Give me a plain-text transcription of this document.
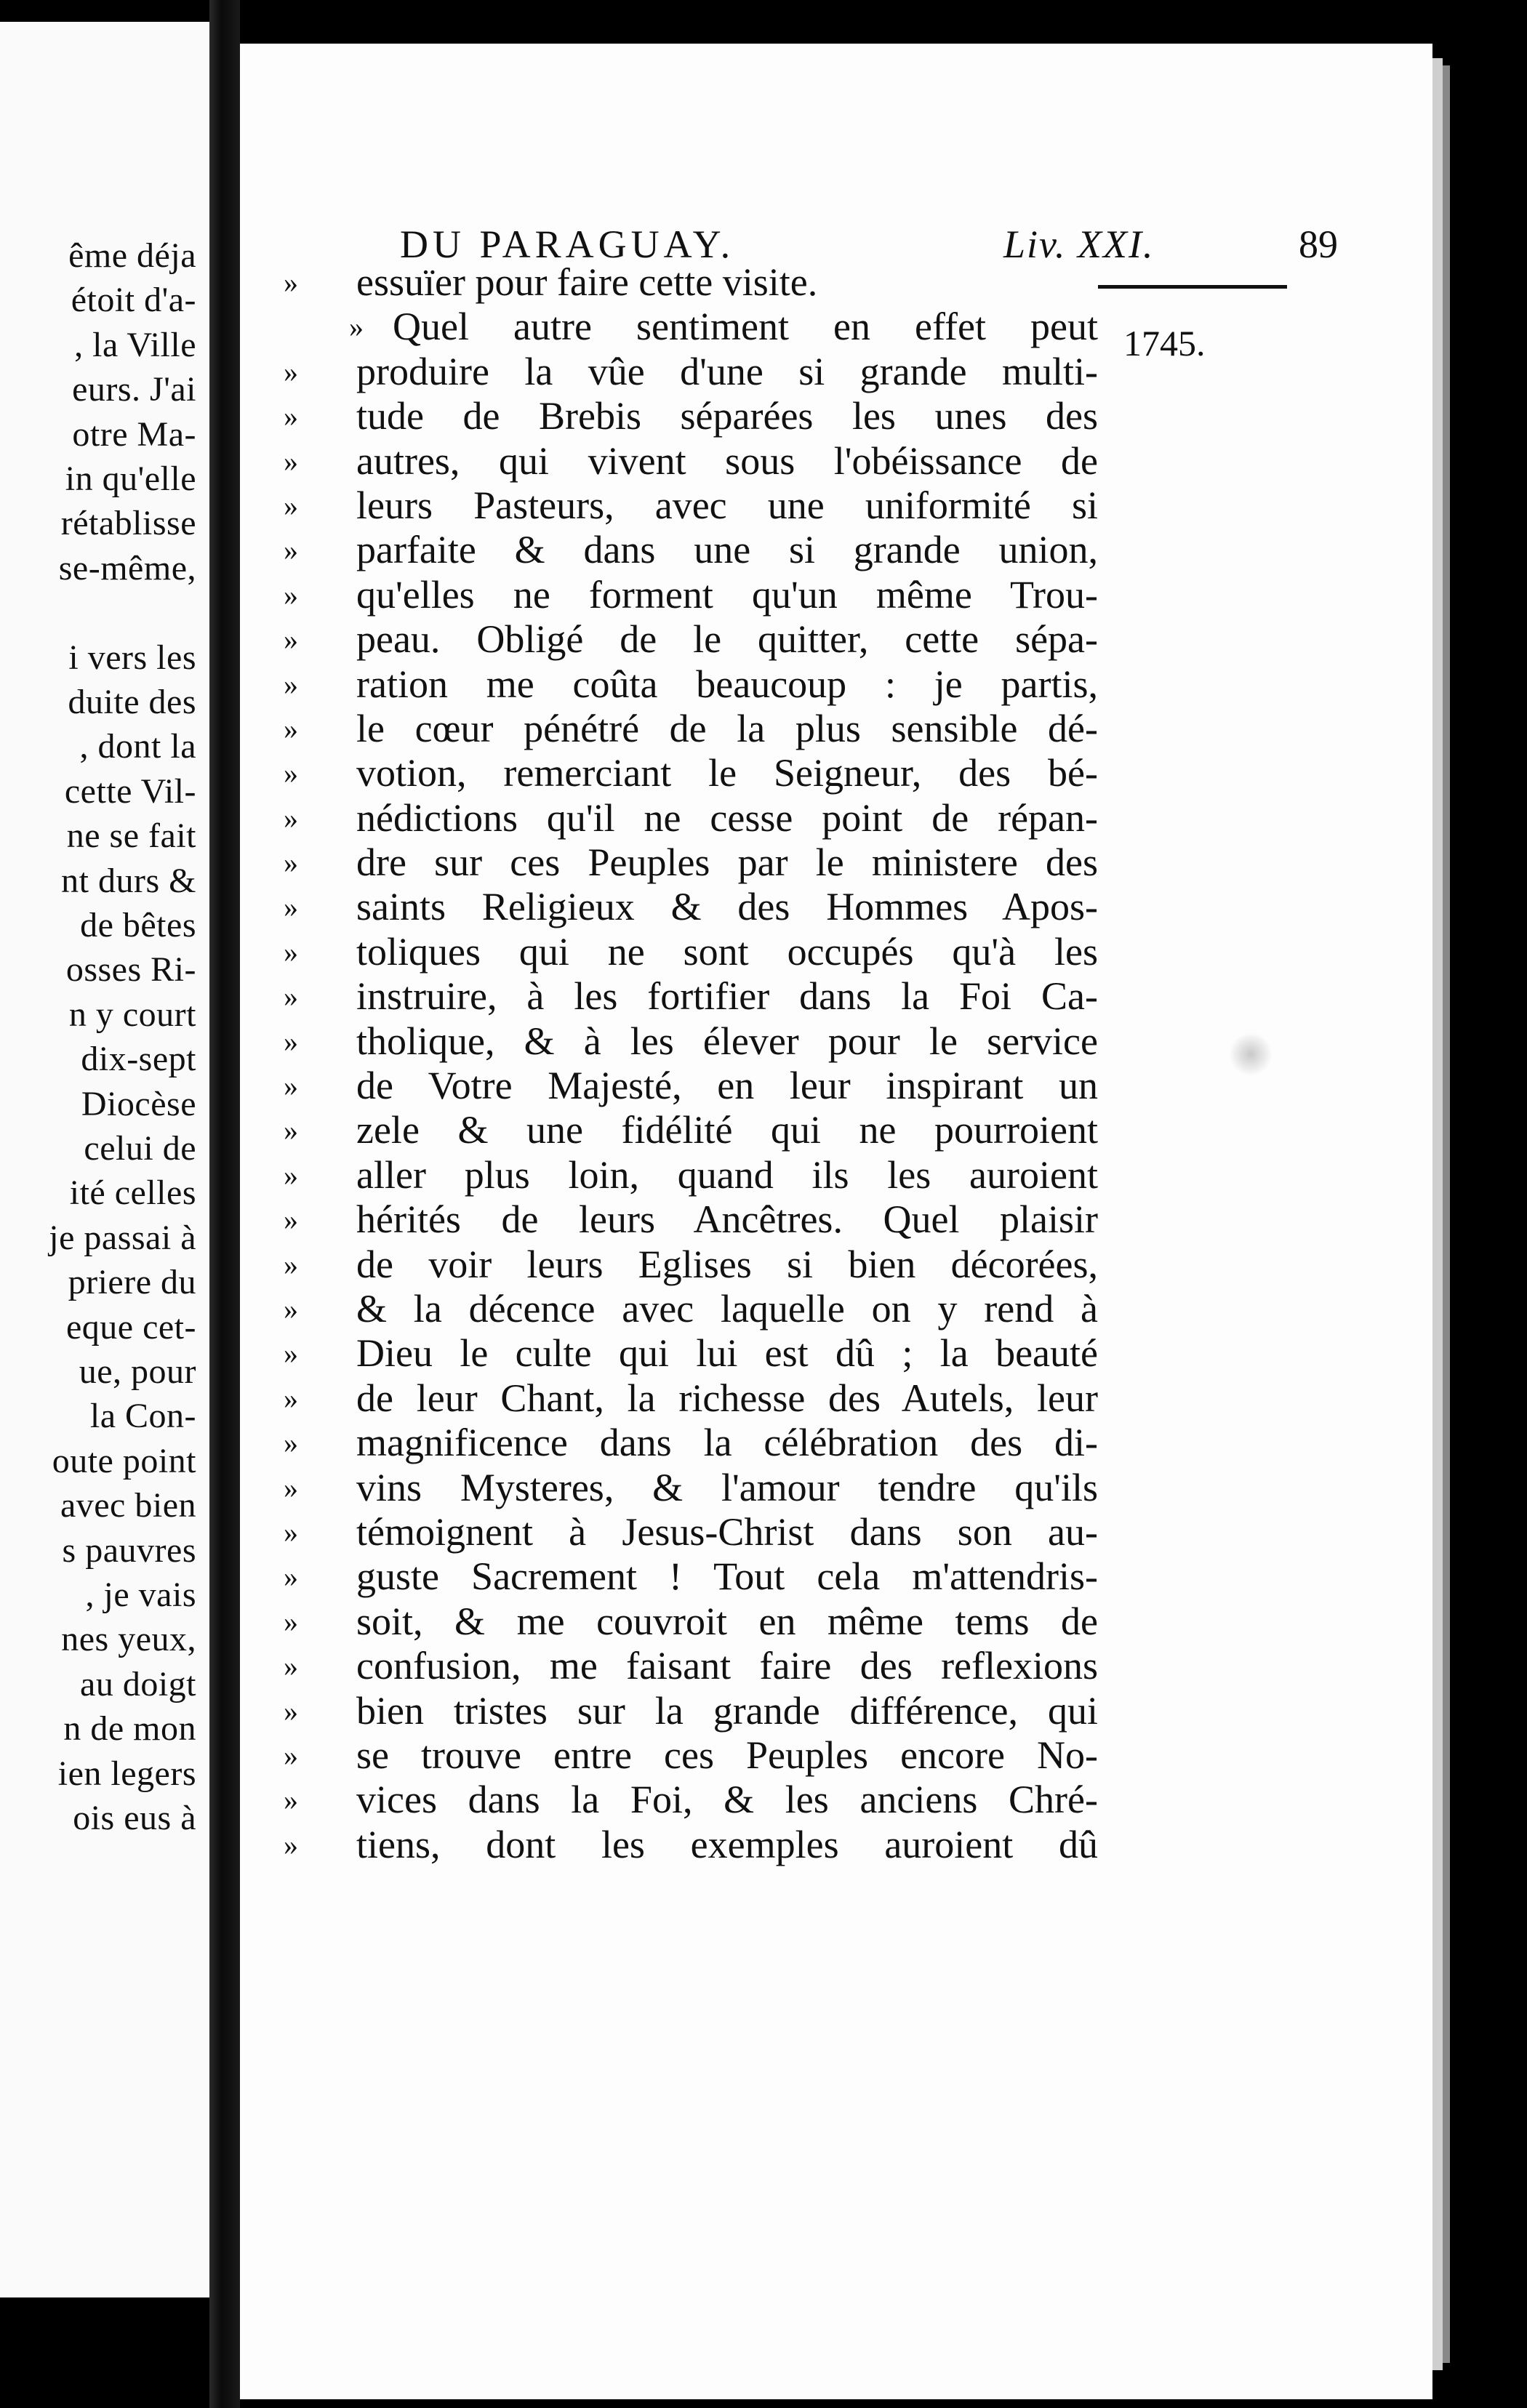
ême déja
étoit d'a-
, la Ville
eurs. J'ai
otre Ma-
in qu'elle
rétablisse
se-même,
i vers les
duite des
, dont la
cette Vil-
ne se fait
nt durs &
de bêtes
osses Ri-
n y court
dix-sept
Diocèse
celui de
ité celles
je passai à
priere du
eque cet-
ue, pour
la Con-
oute point
avec bien
s pauvres
, je vais
nes yeux,
au doigt
n de mon
ien legers
ois eus à
DU PARAGUAY.	Liv. XXI.	89
1745.
»	essuïer pour faire cette visite.
» Quel autre sentiment en effet peut
»	produire la vûe d'une si grande multi-
»	tude de Brebis séparées les unes des
»	autres, qui vivent sous l'obéissance de
»	leurs Pasteurs, avec une uniformité si
»	parfaite & dans une si grande union,
»	qu'elles ne forment qu'un même Trou-
»	peau. Obligé de le quitter, cette sépa-
»	ration me coûta beaucoup : je partis,
»	le cœur pénétré de la plus sensible dé-
»	votion, remerciant le Seigneur, des bé-
»	nédictions qu'il ne cesse point de répan-
»	dre sur ces Peuples par le ministere des
»	saints Religieux & des Hommes Apos-
»	toliques qui ne sont occupés qu'à les
»	instruire, à les fortifier dans la Foi Ca-
»	tholique, & à les élever pour le service
»	de Votre Majesté, en leur inspirant un
»	zele & une fidélité qui ne pourroient
»	aller plus loin, quand ils les auroient
»	hérités de leurs Ancêtres. Quel plaisir
»	de voir leurs Eglises si bien décorées,
»	& la décence avec laquelle on y rend à
»	Dieu le culte qui lui est dû ; la beauté
»	de leur Chant, la richesse des Autels, leur
»	magnificence dans la célébration des di-
»	vins Mysteres, & l'amour tendre qu'ils
»	témoignent à Jesus-Christ dans son au-
»	guste Sacrement ! Tout cela m'attendris-
»	soit, & me couvroit en même tems de
»	confusion, me faisant faire des reflexions
»	bien tristes sur la grande différence, qui
»	se trouve entre ces Peuples encore No-
»	vices dans la Foi, & les anciens Chré-
»	tiens, dont les exemples auroient dû
